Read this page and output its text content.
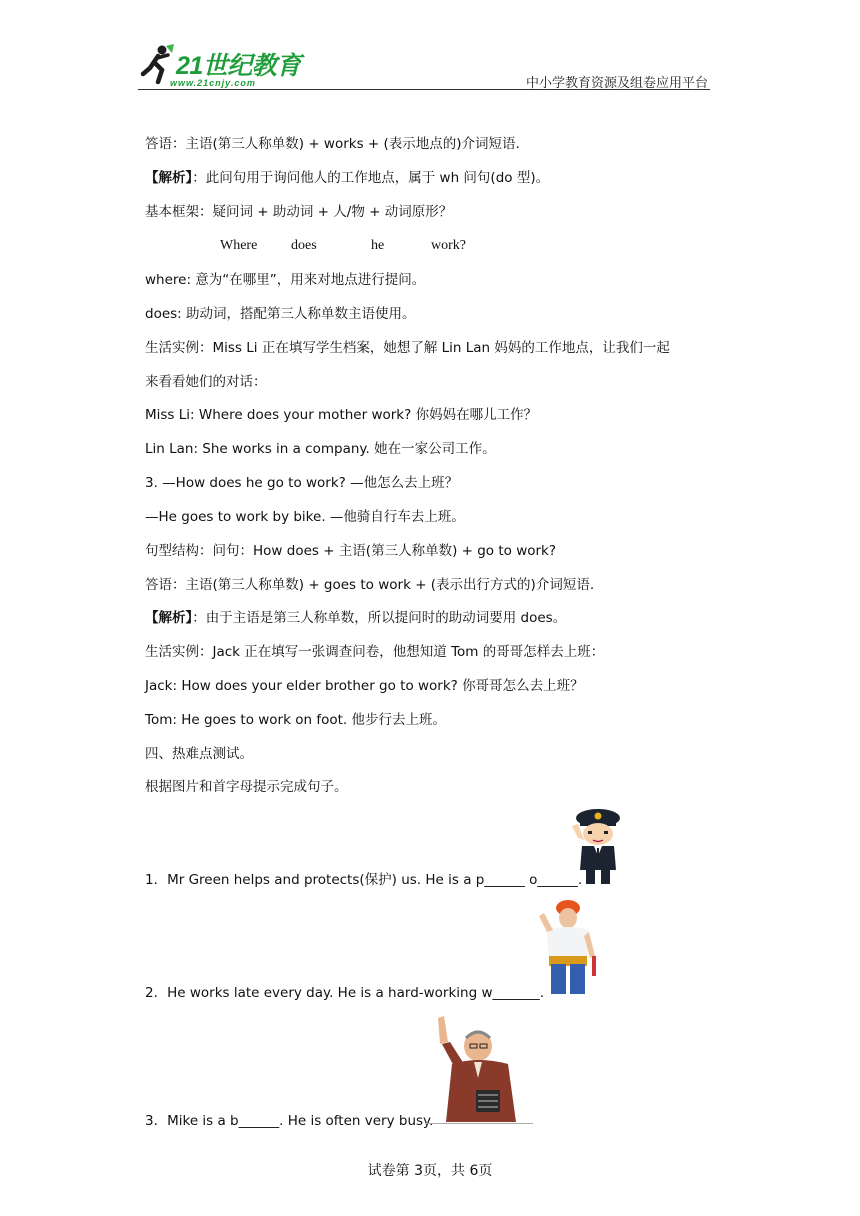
21世纪教育
www.21cnjy.com	中小学教育资源及组卷应用平台
答语：主语(第三人称单数) + works + (表示地点的)介词短语.
【解析】：此问句用于询问他人的工作地点，属于 wh 问句(do 型)。
基本框架：疑问词 + 助动词 + 人/物 + 动词原形？
Where does	he	work?
where: 意为“在哪里”，用来对地点进行提问。
does: 助动词，搭配第三人称单数主语使用。
生活实例：Miss Li 正在填写学生档案，她想了解 Lin Lan 妈妈的工作地点，让我们一起
来看看她们的对话：
Miss Li: Where does your mother work? 你妈妈在哪儿工作？
Lin Lan: She works in a company. 她在一家公司工作。
3. —How does he go to work? —他怎么去上班？
—He goes to work by bike. —他骑自行车去上班。
句型结构：问句：How does + 主语(第三人称单数) + go to work?
答语：主语(第三人称单数) + goes to work + (表示出行方式的)介词短语.
【解析】：由于主语是第三人称单数，所以提问时的助动词要用 does。
生活实例：Jack 正在填写一张调查问卷，他想知道 Tom 的哥哥怎样去上班：
Jack: How does your elder brother go to work? 你哥哥怎么去上班？
Tom: He goes to work on foot. 他步行去上班。
四、热难点测试。
根据图片和首字母提示完成句子。
1．Mr Green helps and protects(保护) us. He is a p______ o______.
2．He works late every day. He is a hard-working w_______.
3．Mike is a b______. He is often very busy.
试卷第 3页，共 6页
